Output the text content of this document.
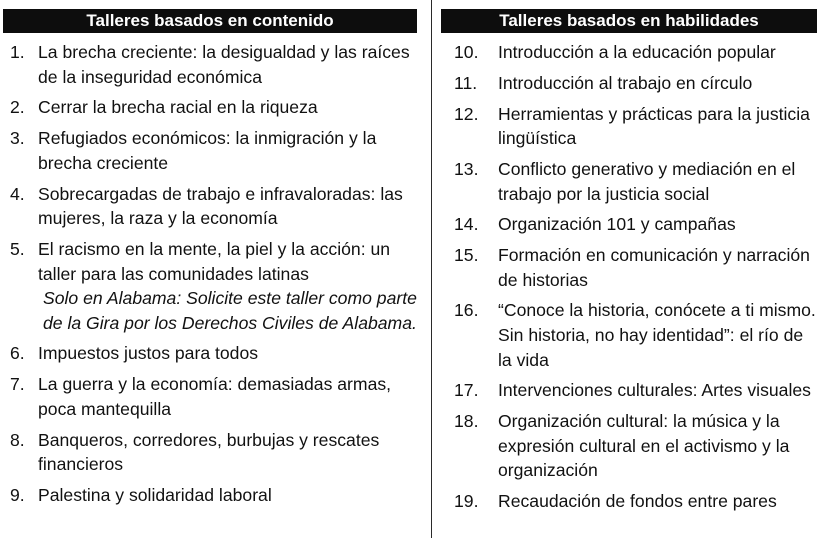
Talleres basados en contenido
1. La brecha creciente: la desigualdad y las raíces de la inseguridad económica
2. Cerrar la brecha racial en la riqueza
3. Refugiados económicos: la inmigración y la brecha creciente
4. Sobrecargadas de trabajo e infravaloradas: las mujeres, la raza y la economía
5. El racismo en la mente, la piel y la acción: un taller para las comunidades latinas
Solo en Alabama: Solicite este taller como parte de la Gira por los Derechos Civiles de Alabama.
6. Impuestos justos para todos
7. La guerra y la economía: demasiadas armas, poca mantequilla
8. Banqueros, corredores, burbujas y rescates financieros
9. Palestina y solidaridad laboral
Talleres basados en habilidades
10.	Introducción a la educación popular
11.	Introducción al trabajo en círculo
12.	Herramientas y prácticas para la justicia lingüística
13.	Conflicto generativo y mediación en el trabajo por la justicia social
14.	Organización 101 y campañas
15.	Formación en comunicación y narración de historias
16.	“Conoce la historia, conócete a ti mismo. Sin historia, no hay identidad”: el río de la vida
17.	Intervenciones culturales: Artes visuales
18.	Organización cultural: la música y la expresión cultural en el activismo y la organización
19.	Recaudación de fondos entre pares
